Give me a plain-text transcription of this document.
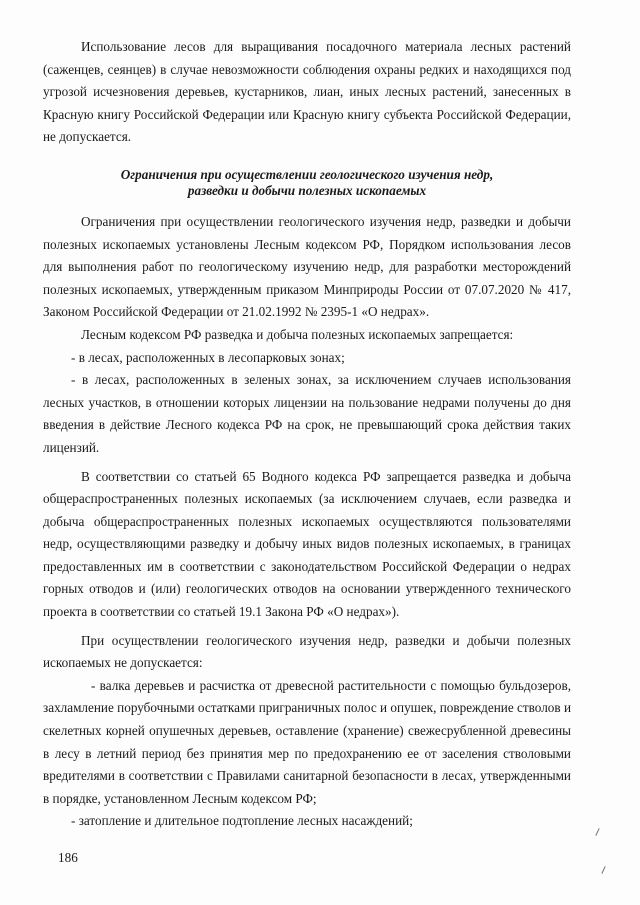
Использование лесов для выращивания посадочного материала лесных растений (саженцев, сеянцев) в случае невозможности соблюдения охраны редких и находящихся под угрозой исчезновения деревьев, кустарников, лиан, иных лесных растений, занесенных в Красную книгу Российской Федерации или Красную книгу субъекта Российской Федерации, не допускается.

Ограничения при осуществлении геологического изучения недр,
разведки и добычи полезных ископаемых

Ограничения при осуществлении геологического изучения недр, разведки и добычи полезных ископаемых установлены Лесным кодексом РФ, Порядком использования лесов для выполнения работ по геологическому изучению недр, для разработки месторождений полезных ископаемых, утвержденным приказом Минприроды России от 07.07.2020 № 417, Законом Российской Федерации от 21.02.1992 № 2395-1 «О недрах».

Лесным кодексом РФ разведка и добыча полезных ископаемых запрещается:

- в лесах, расположенных в лесопарковых зонах;

- в лесах, расположенных в зеленых зонах, за исключением случаев использования лесных участков, в отношении которых лицензии на пользование недрами получены до дня введения в действие Лесного кодекса РФ на срок, не превышающий срока действия таких лицензий.

В соответствии со статьей 65 Водного кодекса РФ запрещается разведка и добыча общераспространенных полезных ископаемых (за исключением случаев, если разведка и добыча общераспространенных полезных ископаемых осуществляются пользователями недр, осуществляющими разведку и добычу иных видов полезных ископаемых, в границах предоставленных им в соответствии с законодательством Российской Федерации о недрах горных отводов и (или) геологических отводов на основании утвержденного технического проекта в соответствии со статьей 19.1 Закона РФ «О недрах»).

При осуществлении геологического изучения недр, разведки и добычи полезных ископаемых не допускается:

- валка деревьев и расчистка от древесной растительности с помощью бульдозеров, захламление порубочными остатками приграничных полос и опушек, повреждение стволов и скелетных корней опушечных деревьев, оставление (хранение) свежесрубленной древесины в лесу в летний период без принятия мер по предохранению ее от заселения стволовыми вредителями в соответствии с Правилами санитарной безопасности в лесах, утвержденными в порядке, установленном Лесным кодексом РФ;

- затопление и длительное подтопление лесных насаждений;

186
